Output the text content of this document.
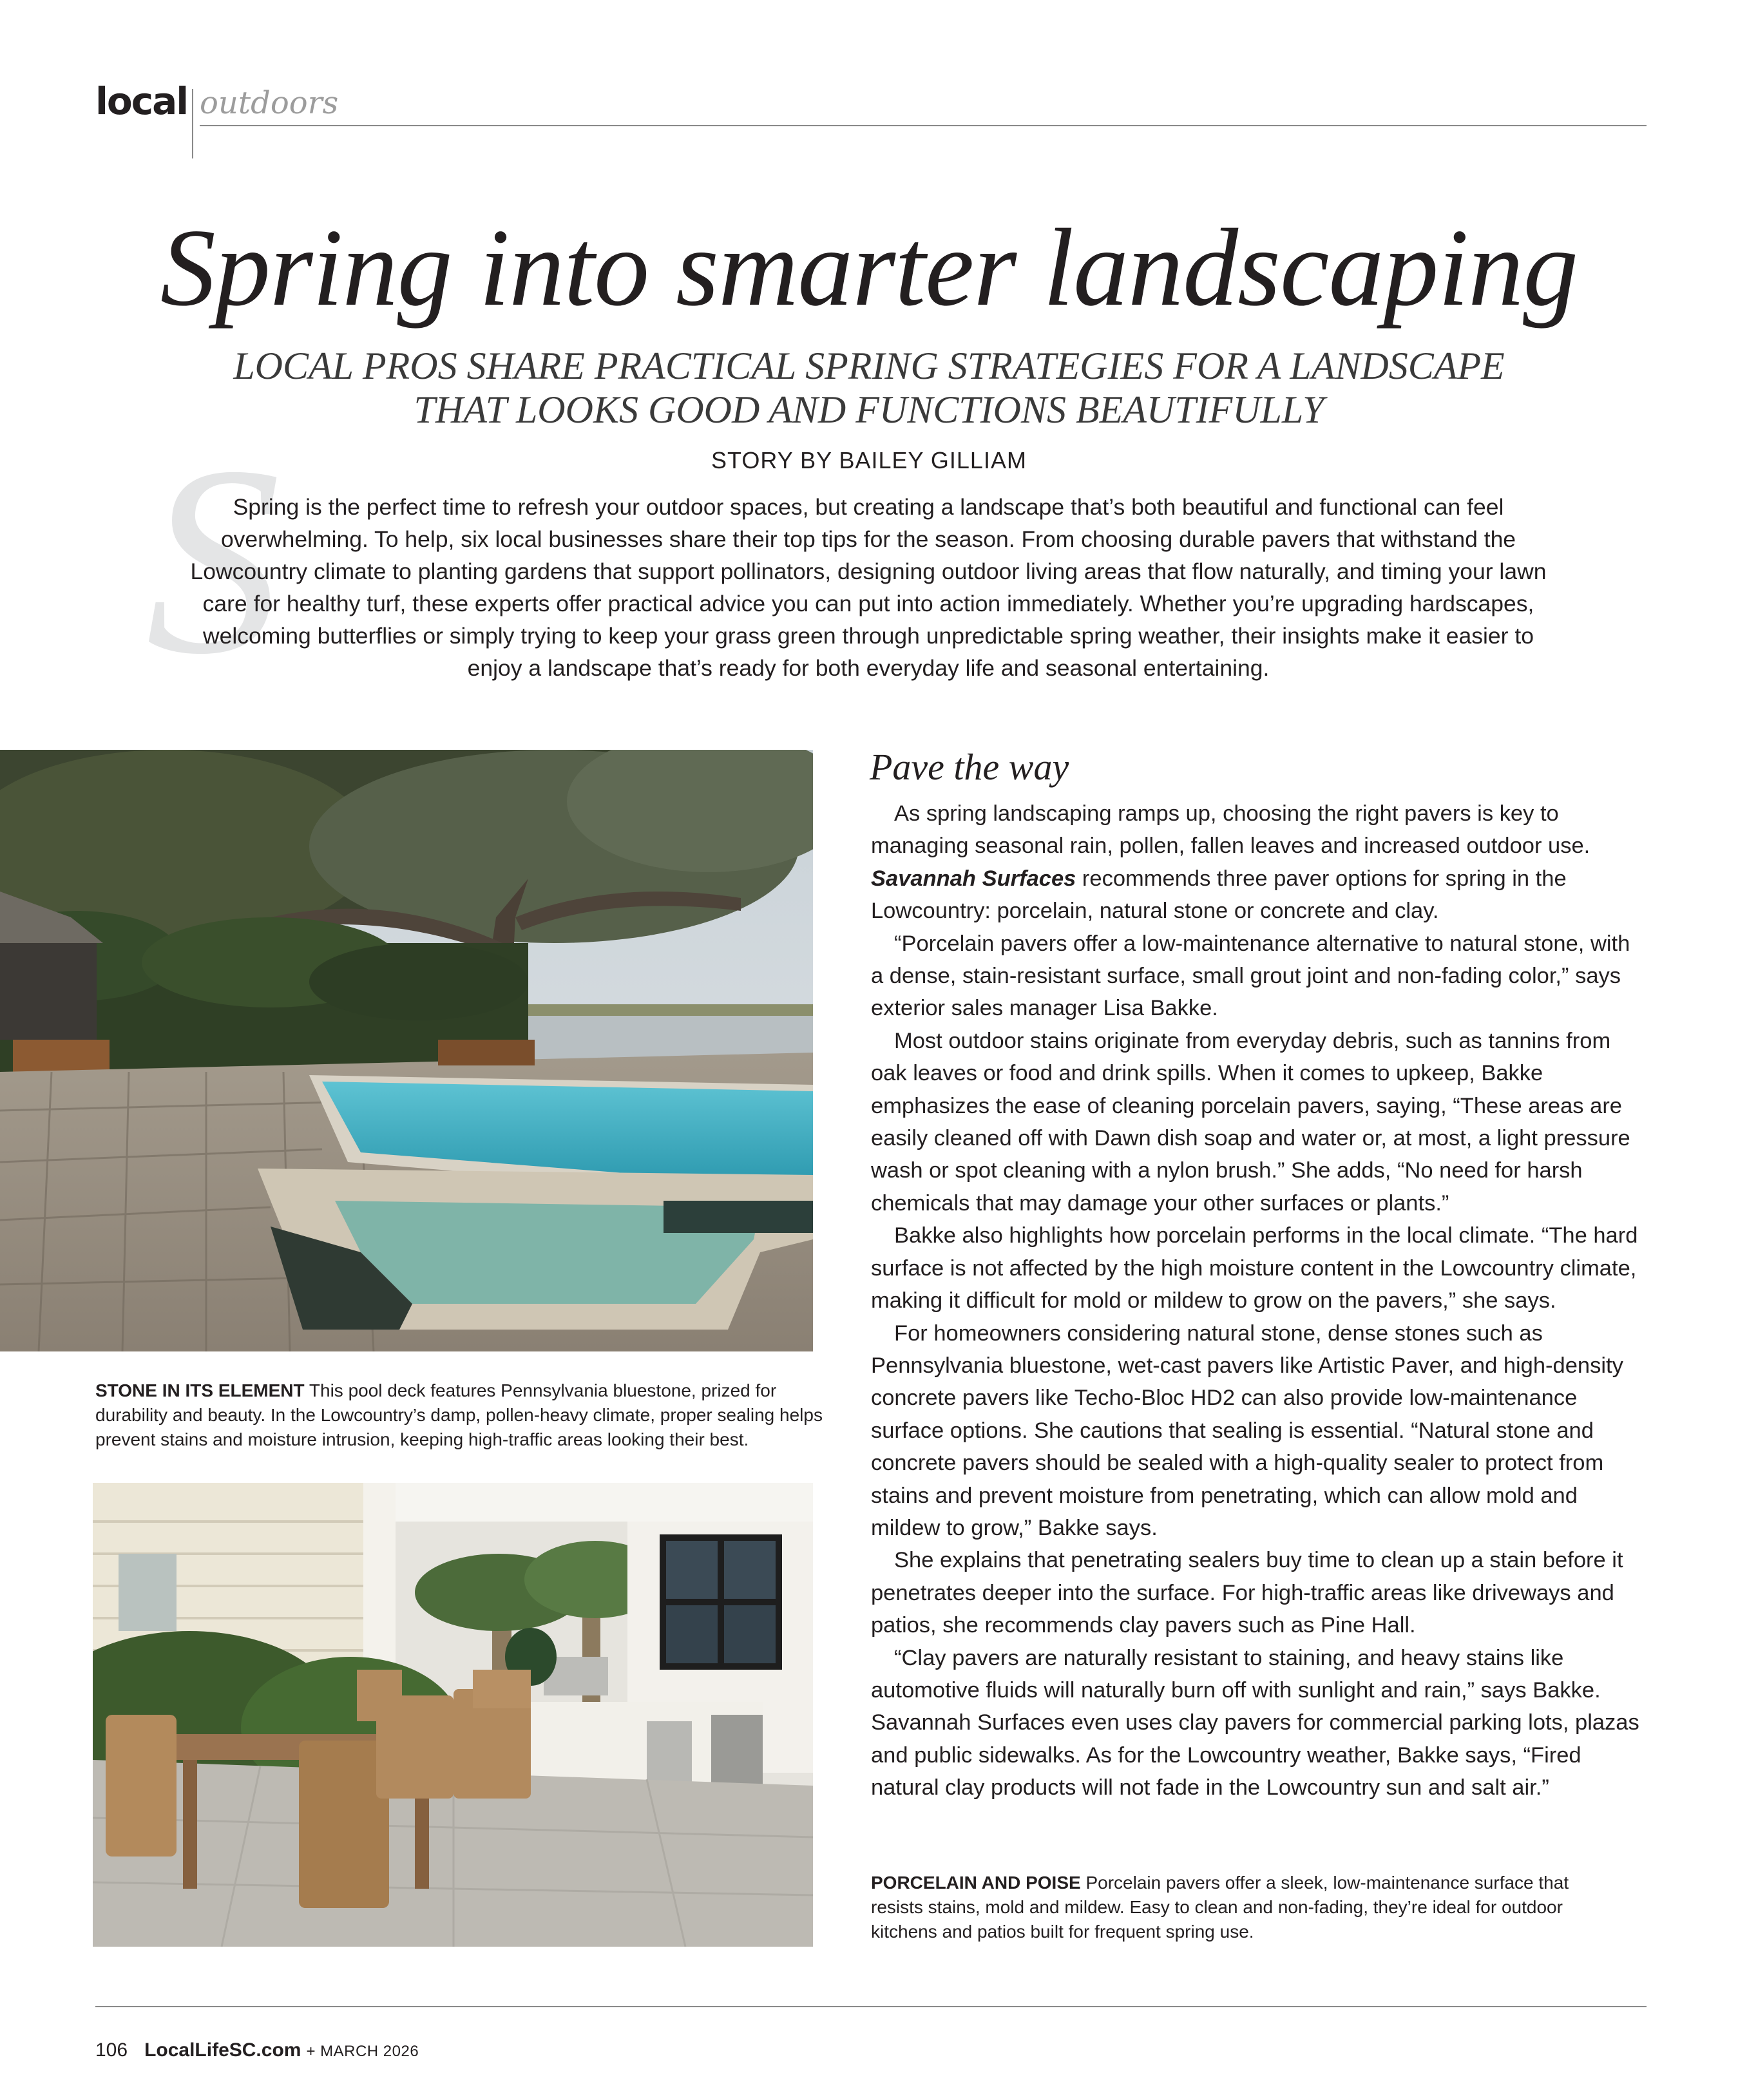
local outdoors
Spring into smarter landscaping
LOCAL PROS SHARE PRACTICAL SPRING STRATEGIES FOR A LANDSCAPE
THAT LOOKS GOOD AND FUNCTIONS BEAUTIFULLY
STORY BY BAILEY GILLIAM
S

Spring is the perfect time to refresh your outdoor spaces, but creating a landscape that’s both beautiful and functional can feel overwhelming. To help, six local businesses share their top tips for the season. From choosing durable pavers that withstand the Lowcountry climate to planting gardens that support pollinators, designing outdoor living areas that flow naturally, and timing your lawn care for healthy turf, these experts offer practical advice you can put into action immediately. Whether you’re upgrading hardscapes, welcoming butterflies or simply trying to keep your grass green through unpredictable spring weather, their insights make it easier to enjoy a landscape that’s ready for both everyday life and seasonal entertaining.

STONE IN ITS ELEMENT This pool deck features Pennsylvania bluestone, prized for durability and beauty. In the Lowcountry’s damp, pollen-heavy climate, proper sealing helps prevent stains and moisture intrusion, keeping high-traffic areas looking their best.
Pave the way

As spring landscaping ramps up, choosing the right pavers is key to managing seasonal rain, pollen, fallen leaves and increased outdoor use. Savannah Surfaces recommends three paver options for spring in the Lowcountry: porcelain, natural stone or concrete and clay.

“Porcelain pavers offer a low-maintenance alternative to natural stone, with a dense, stain-resistant surface, small grout joint and non-fading color,” says exterior sales manager Lisa Bakke.

Most outdoor stains originate from everyday debris, such as tannins from oak leaves or food and drink spills. When it comes to upkeep, Bakke emphasizes the ease of cleaning porcelain pavers, saying, “These areas are easily cleaned off with Dawn dish soap and water or, at most, a light pressure wash or spot cleaning with a nylon brush.” She adds, “No need for harsh chemicals that may damage your other surfaces or plants.”

Bakke also highlights how porcelain performs in the local climate. “The hard surface is not affected by the high moisture content in the Lowcountry climate, making it difficult for mold or mildew to grow on the pavers,” she says.

For homeowners considering natural stone, dense stones such as Pennsylvania bluestone, wet-cast pavers like Artistic Paver, and high-density concrete pavers like Techo-Bloc HD2 can also provide low-maintenance surface options. She cautions that sealing is essential. “Natural stone and concrete pavers should be sealed with a high-quality sealer to protect from stains and prevent moisture from penetrating, which can allow mold and mildew to grow,” Bakke says.

She explains that penetrating sealers buy time to clean up a stain before it penetrates deeper into the surface. For high-traffic areas like driveways and patios, she recommends clay pavers such as Pine Hall.

“Clay pavers are naturally resistant to staining, and heavy stains like automotive fluids will naturally burn off with sunlight and rain,” says Bakke. Savannah Surfaces even uses clay pavers for commercial parking lots, plazas and public sidewalks. As for the Lowcountry weather, Bakke says, “Fired natural clay products will not fade in the Lowcountry sun and salt air.”

PORCELAIN AND POISE Porcelain pavers offer a sleek, low-maintenance surface that resists stains, mold and mildew. Easy to clean and non-fading, they’re ideal for outdoor kitchens and patios built for frequent spring use.
106 LocalLifeSC.com + MARCH 2026
